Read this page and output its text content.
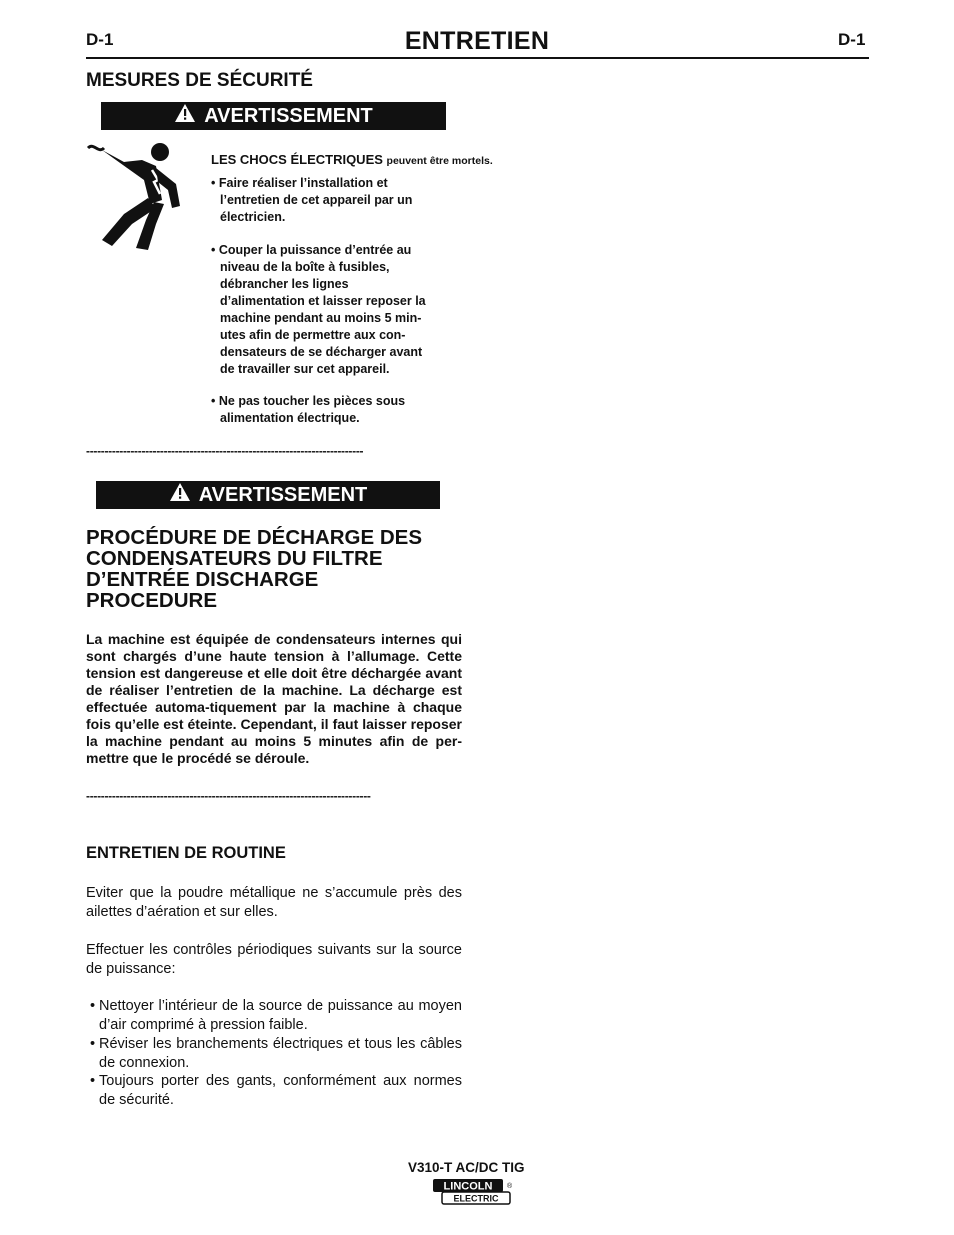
D-1	ENTRETIEN	D-1
MESURES DE SÉCURITÉ
AVERTISSEMENT
LES CHOCS ÉLECTRIQUES peuvent être mortels.
• Faire réaliser l’installation et
l’entretien de cet appareil par un
électricien.
• Couper la puissance d’entrée au
niveau de la boîte à fusibles,
débrancher les lignes
d’alimentation et laisser reposer la
machine pendant au moins 5 min-
utes afin de permettre aux con-
densateurs de se décharger avant
de travailler sur cet appareil.
• Ne pas toucher les pièces sous
alimentation électrique.
---------------------------------------------------------------------------
AVERTISSEMENT
PROCÉDURE DE DÉCHARGE DES
CONDENSATEURS DU FILTRE
D’ENTRÉE DISCHARGE
PROCEDURE
La machine est équipée de condensateurs internes qui sont chargés d’une haute tension à l’allumage. Cette tension est dangereuse et elle doit être déchargée avant de réaliser l’entretien de la machine. La décharge est effectuée automa-tiquement par la machine à chaque fois qu’elle est éteinte. Cependant, il faut laisser reposer la machine pendant au moins 5 minutes afin de per-mettre que le procédé se déroule.
-----------------------------------------------------------------------------
ENTRETIEN DE ROUTINE
Eviter que la poudre métallique ne s’accumule près des ailettes d’aération et sur elles.
Effectuer les contrôles périodiques suivants sur la source de puissance:
• Nettoyer l’intérieur de la source de puissance au moyen d’air comprimé à pression faible.
• Réviser les branchements électriques et tous les câbles de connexion.
• Toujours porter des gants, conformément aux normes de sécurité.
V310-T AC/DC TIG
LINCOLN
ELECTRIC
®
